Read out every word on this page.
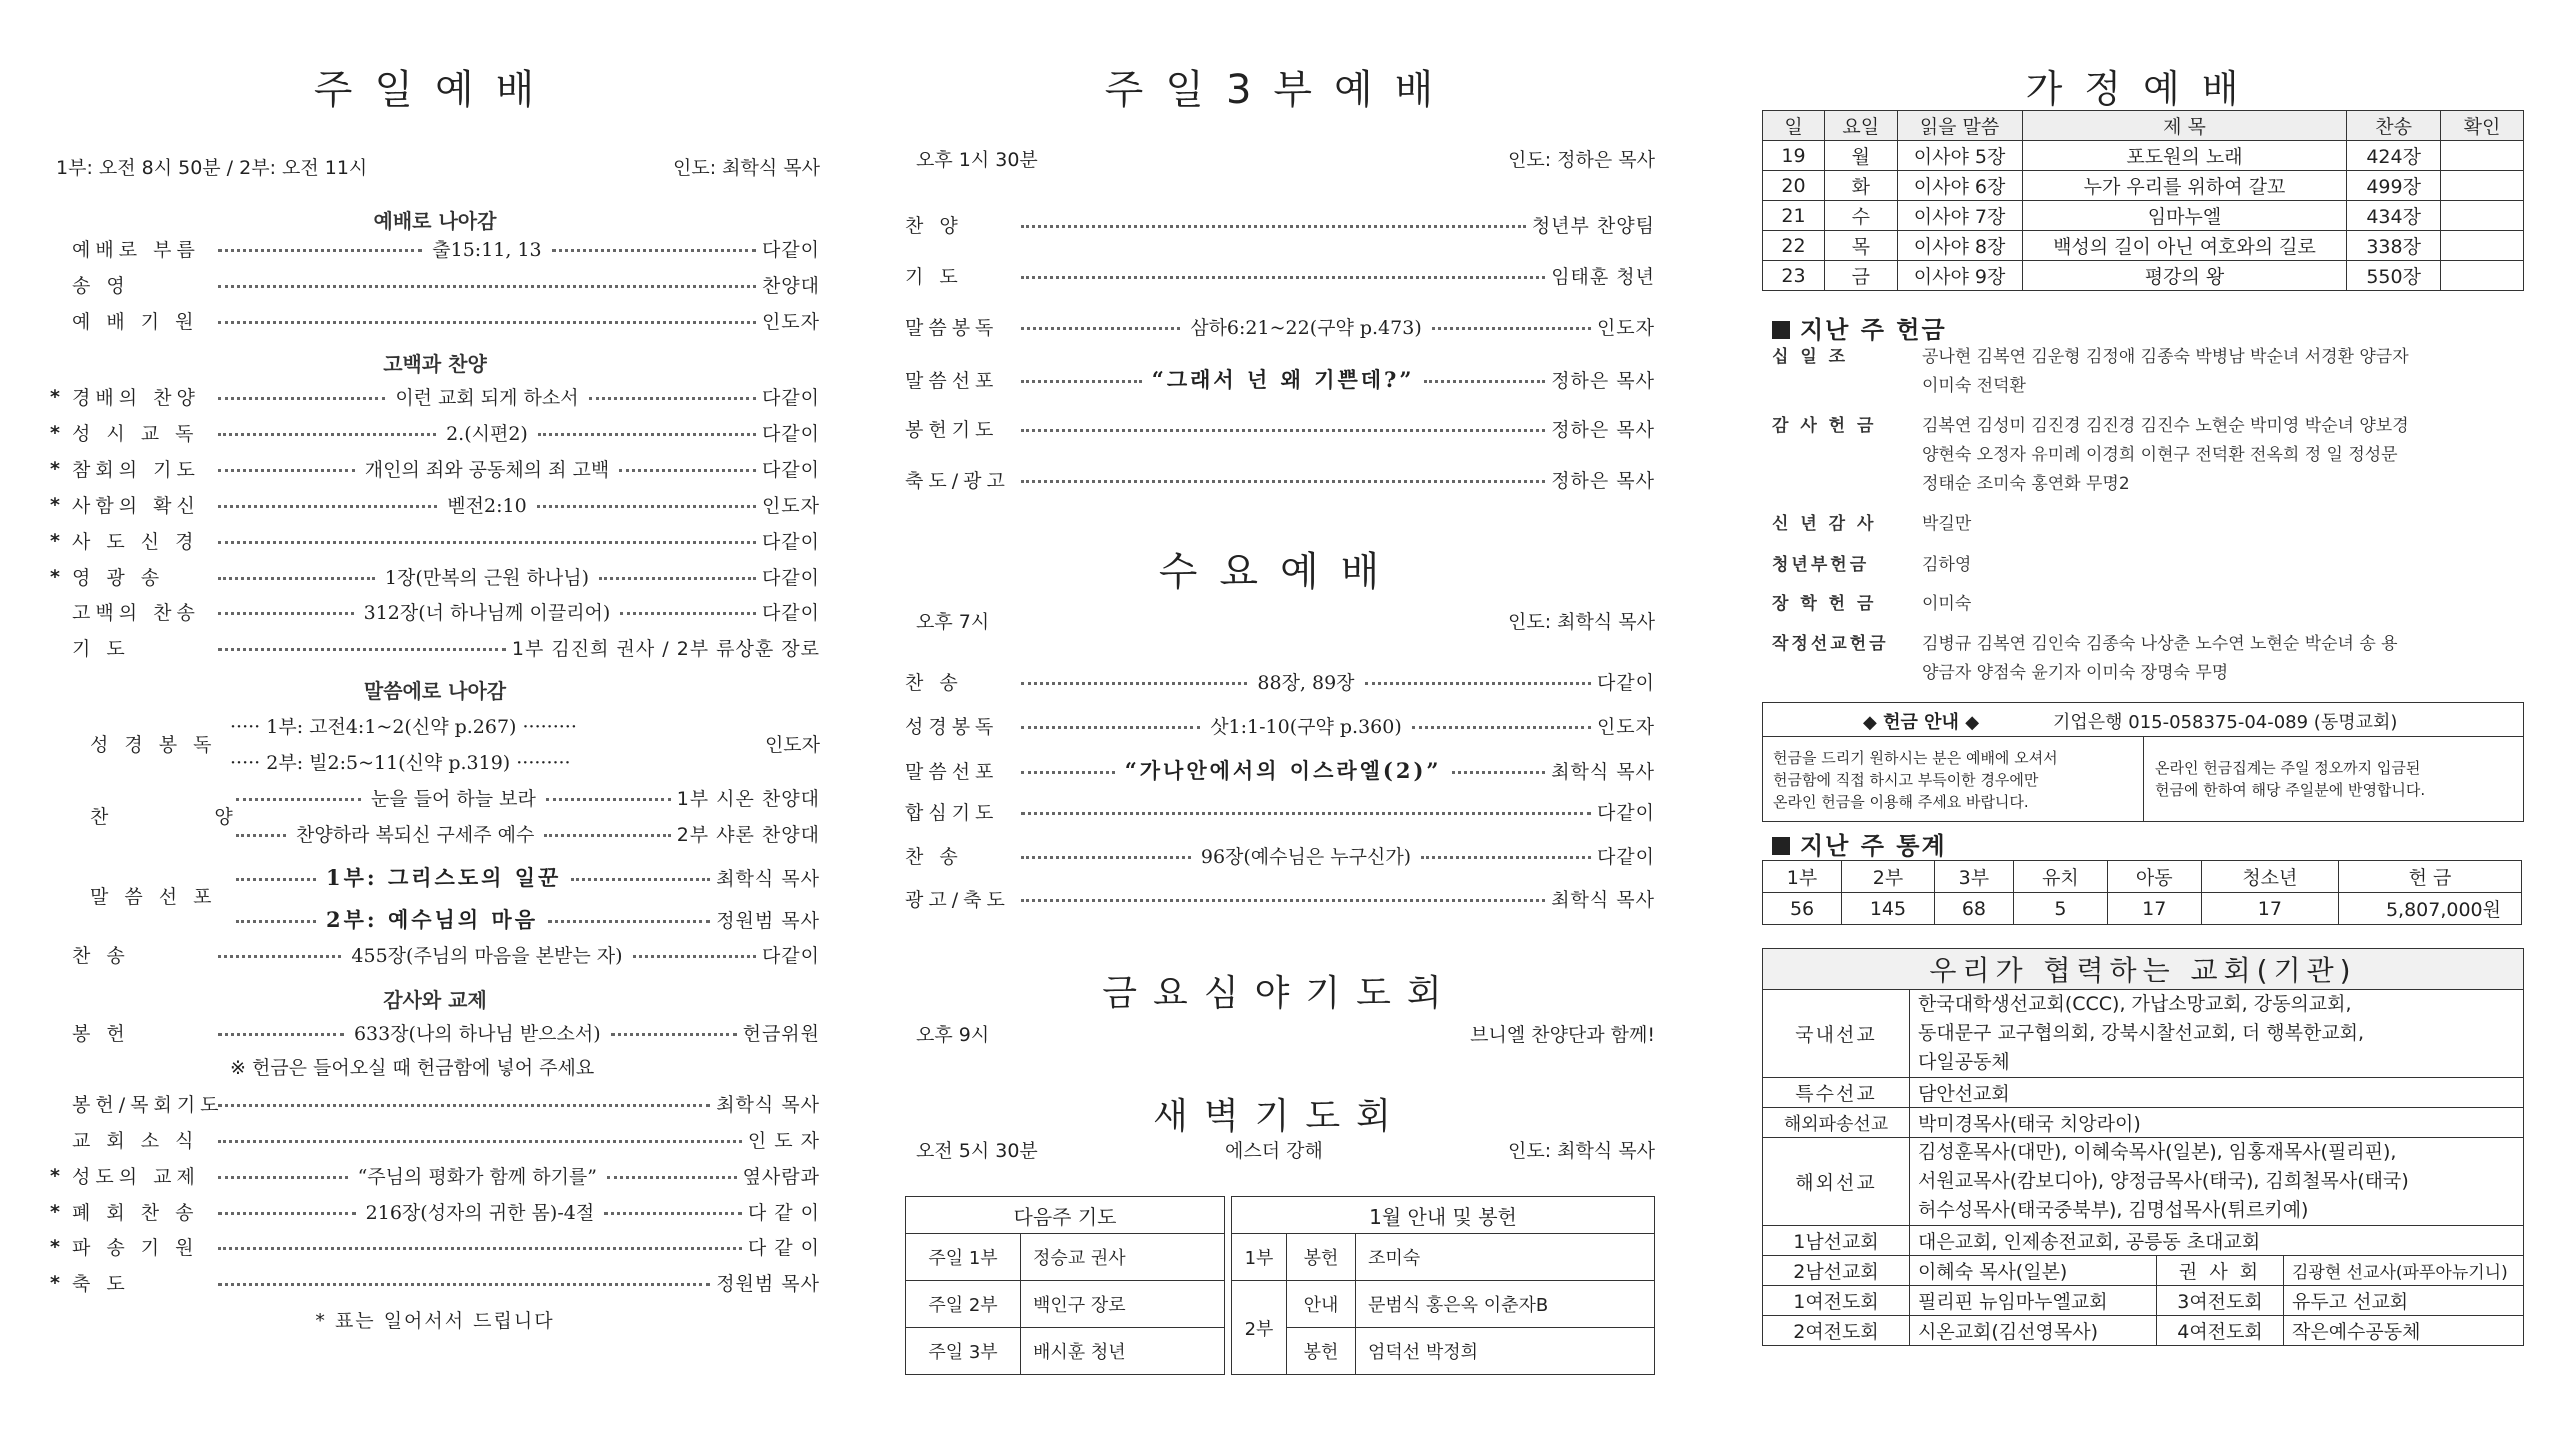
주일예배
1부: 오전 8시 50분 / 2부: 오전 11시	인도: 최학식 목사
예배로 나아감
고백과 찬양
말씀에로 나아감
감사와 교제
예배로 부름	출15:11, 13	다같이
송 영	찬양대
예 배 기 원	인도자
* 경배의 찬양	이런 교회 되게 하소서	다같이
* 성 시 교 독	2.(시편2)	다같이
* 참회의 기도	개인의 죄와 공동체의 죄 고백	다같이
* 사함의 확신	벧전2:10	인도자
* 사 도 신 경	다같이
* 영 광 송	1장(만복의 근원 하나님)	다같이
고백의 찬송	312장(너 하나님께 이끌리어)	다같이
기 도	1부 김진희 권사 / 2부 류상훈 장로
찬 송	455장(주님의 마음을 본받는 자)	다같이
봉 헌	633장(나의 하나님 받으소서)	헌금위원
봉헌/목회기도	최학식 목사
교 회 소 식	인 도 자
* 성도의 교제	“주님의 평화가 함께 하기를”	옆사람과
* 폐 회 찬 송	216장(성자의 귀한 몸)-4절	다 같 이
* 파 송 기 원	다 같 이
* 축 도	정원범 목사
성 경 봉 독
····· 1부: 고전4:1~2(신약 p.267) ·········
····· 2부: 빌2:5~11(신약 p.319) ·········
인도자
찬 양
눈을 들어 하늘 보라	1부 시온 찬양대
찬양하라 복되신 구세주 예수	2부 샤론 찬양대
말 씀 선 포
1부: 그리스도의 일꾼	최학식 목사
2부: 예수님의 마음	정원범 목사
※ 헌금은 들어오실 때 헌금함에 넣어 주세요
* 표는 일어서서 드립니다
주일3부예배
오후 1시 30분	인도: 정하은 목사
찬 양	청년부 찬양팀
기 도	임태훈 청년
말씀봉독	삼하6:21~22(구약 p.473)	인도자
말씀선포	“그래서 넌 왜 기쁜데?”	정하은 목사
봉헌기도	정하은 목사
축도/광고	정하은 목사
수요예배
오후 7시	인도: 최학식 목사
찬 송	88장, 89장	다같이
성경봉독	삿1:1-10(구약 p.360)	인도자
말씀선포	“가나안에서의 이스라엘(2)”	최학식 목사
합심기도	다같이
찬 송	96장(예수님은 누구신가)	다같이
광고/축도	최학식 목사
금요심야기도회
오후 9시	브니엘 찬양단과 함께!
새벽기도회
오전 5시 30분	에스더 강해	인도: 최학식 목사
다음주 기도	
주일 1부	정승교 권사
주일 2부	백인구 장로
주일 3부	배시훈 청년
1월 안내 및 봉헌		
1부	봉헌	조미숙
2부	안내	문범식 홍은옥 이춘자B
	봉헌	엄덕선 박정희
가정예배
일	요일	읽을 말씀	제 목	찬송	확인
19	월	이사야 5장	포도원의 노래	424장	
20	화	이사야 6장	누가 우리를 위하여 갈꼬	499장	
21	수	이사야 7장	임마누엘	434장	
22	목	이사야 8장	백성의 길이 아닌 여호와의 길로	338장	
23	금	이사야 9장	평강의 왕	550장	
지난 주 헌금
십 일 조	공나현 김복연 김운형 김정애 김종숙 박병남 박순녀 서경환 양금자
이미숙 전덕환
감 사 헌 금	김복연 김성미 김진경 김진경 김진수 노현순 박미영 박순녀 양보경
양현숙 오정자 유미례 이경희 이현구 전덕환 전옥희 정 일 정성문
정태순 조미숙 홍연화 무명2
신 년 감 사	박길만
청년부헌금	김하영
장 학 헌 금	이미숙
작정선교헌금	김병규 김복연 김인숙 김종숙 나상춘 노수연 노현순 박순녀 송 용
양금자 양점숙 윤기자 이미숙 장명숙 무명
◆ 헌금 안내 ◆	기업은행 015-058375-04-089 (동명교회)
헌금을 드리기 원하시는 분은 예배에 오셔서
헌금함에 직접 하시고 부득이한 경우에만
온라인 헌금을 이용해 주세요 바랍니다.
온라인 헌금집계는 주일 정오까지 입금된
헌금에 한하여 해당 주일분에 반영합니다.
지난 주 통계
1부	2부	3부	유치	아동	청소년	헌 금
56	145	68	5	17	17	5,807,000원
우리가 협력하는 교회(기관)			
국내선교	한국대학생선교회(CCC), 가납소망교회, 강동의교회,
동대문구 교구협의회, 강북시찰선교회, 더 행복한교회,
다일공동체		

특수선교	담안선교회		
해외파송선교	박미경목사(태국 치앙라이)		
해외선교	김성훈목사(대만), 이혜숙목사(일본), 임홍재목사(필리핀),
서원교목사(캄보디아), 양정금목사(태국), 김희철목사(태국)
허수성목사(태국중북부), 김명섭목사(튀르키예)		

1남선교회	대은교회, 인제송전교회, 공릉동 초대교회		
2남선교회	이혜숙 목사(일본)	권 사 회	김광현 선교사(파푸아뉴기니)
1여전도회	필리핀 뉴임마누엘교회	3여전도회	유두고 선교회
2여전도회	시온교회(김선영목사)	4여전도회	작은예수공동체
